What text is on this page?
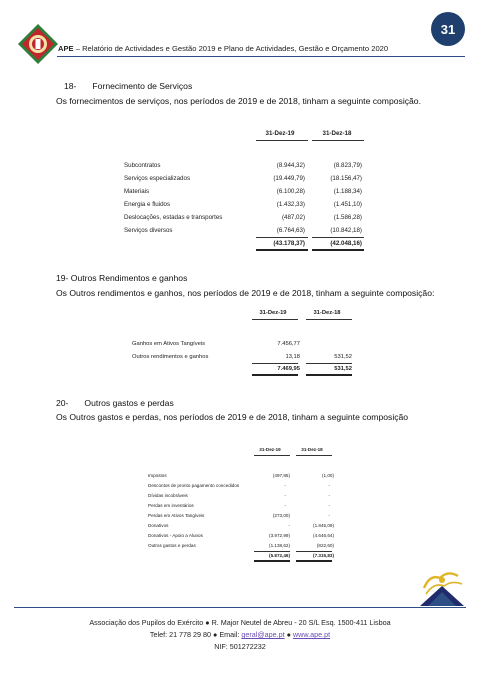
31
APE – Relatório de Actividades e Gestão 2019 e Plano de Actividades, Gestão e Orçamento 2020
18- Fornecimento de Serviços
Os fornecimentos de serviços, nos períodos de 2019 e de 2018, tinham a seguinte composição.
31-Dez-19	31-Dez-18
Subcontratos	(8.944,32)	(8.823,79)
Serviços especializados	(19.449,79)	(18.156,47)
Materiais	(6.100,28)	(1.188,34)
Energia e fluidos	(1.432,33)	(1.451,10)
Deslocações, estadas e transportes	(487,02)	(1.586,28)
Serviços diversos	(6.764,63)	(10.842,18)
(43.178,37)	(42.048,16)
19- Outros Rendimentos e ganhos
Os Outros rendimentos e ganhos, nos períodos de 2019 e de 2018, tinham a seguinte composição:
31-Dez-19	31-Dez-18
Ganhos em Ativos Tangíveis	7.456,77
Outros rendimentos e ganhos	13,18	531,52
7.469,95	531,52
20- Outros gastos e perdas
Os Outros gastos e perdas, nos períodos de 2019 e de 2018, tinham a seguinte composição
31-Dez-19	31-Dez-18
Impostos	(497,85)	(1,00)
Descontos de pronto pagamento concedidos	-	-
Dívidas incobráveis	-	-
Perdas em inventários	-	-
Perdas em Ativos Tangíveis	(273,00)	-
Donativos	-	(1.845,09)
Donativos - Apoio a Alunos	(3.972,99)	(4.646,64)
Outros gastos e perdas	(1.138,62)	(822,60)
(5.872,46)	(7.315,83)
Associação dos Pupilos do Exército ● R. Major Neutel de Abreu - 20 S/L Esq. 1500-411 Lisboa
Telef: 21 778 29 80 ● Email: geral@ape.pt ● www.ape.pt
NIF: 501272232
